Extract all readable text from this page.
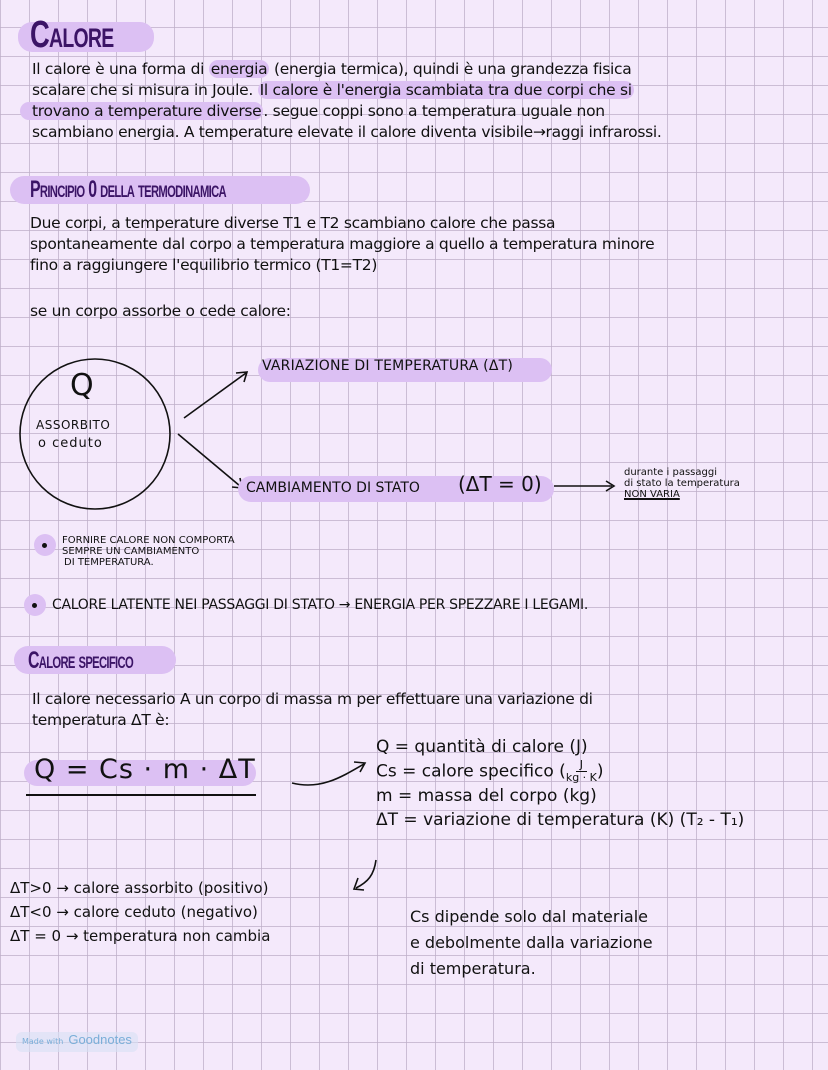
Calore
Il calore è una forma di energia (energia termica), quindi è una grandezza fisica
scalare che si misura in Joule. Il calore è l'energia scambiata tra due corpi che si
trovano a temperature diverse . segue coppi sono a temperatura uguale non
scambiano energia. A temperature elevate il calore diventa visibile→raggi infrarossi.
Principio 0 della termodinamica
Due corpi, a temperature diverse T1 e T2 scambiano calore che passa
spontaneamente dal corpo a temperatura maggiore a quello a temperatura minore
fino a raggiungere l'equilibrio termico (T1=T2)
se un corpo assorbe o cede calore:
Q
ASSORBITO
o ceduto
VARIAZIONE DI TEMPERATURA (ΔT)
CAMBIAMENTO DI STATO (ΔT = 0)	durante i passaggi
di stato la temperatura
NON VARIA
FORNIRE CALORE NON COMPORTA
SEMPRE UN CAMBIAMENTO
DI TEMPERATURA.
CALORE LATENTE NEI PASSAGGI DI STATO → ENERGIA PER SPEZZARE I LEGAMI.
Calore specifico
Il calore necessario A un corpo di massa m per effettuare una variazione di
temperatura ΔT è:
Q = Cs · m · ΔT
Q = quantità di calore (J)
Cs = calore specifico ( $\frac{J}{kg \cdot K}$ )
m = massa del corpo (kg)
ΔT = variazione di temperatura (K) (T₂ - T₁)
ΔT>0 → calore assorbito (positivo)
ΔT<0 → calore ceduto (negativo)
ΔT = 0 → temperatura non cambia
Cs dipende solo dal materiale
e debolmente dalla variazione
di temperatura.
Made with Goodnotes
